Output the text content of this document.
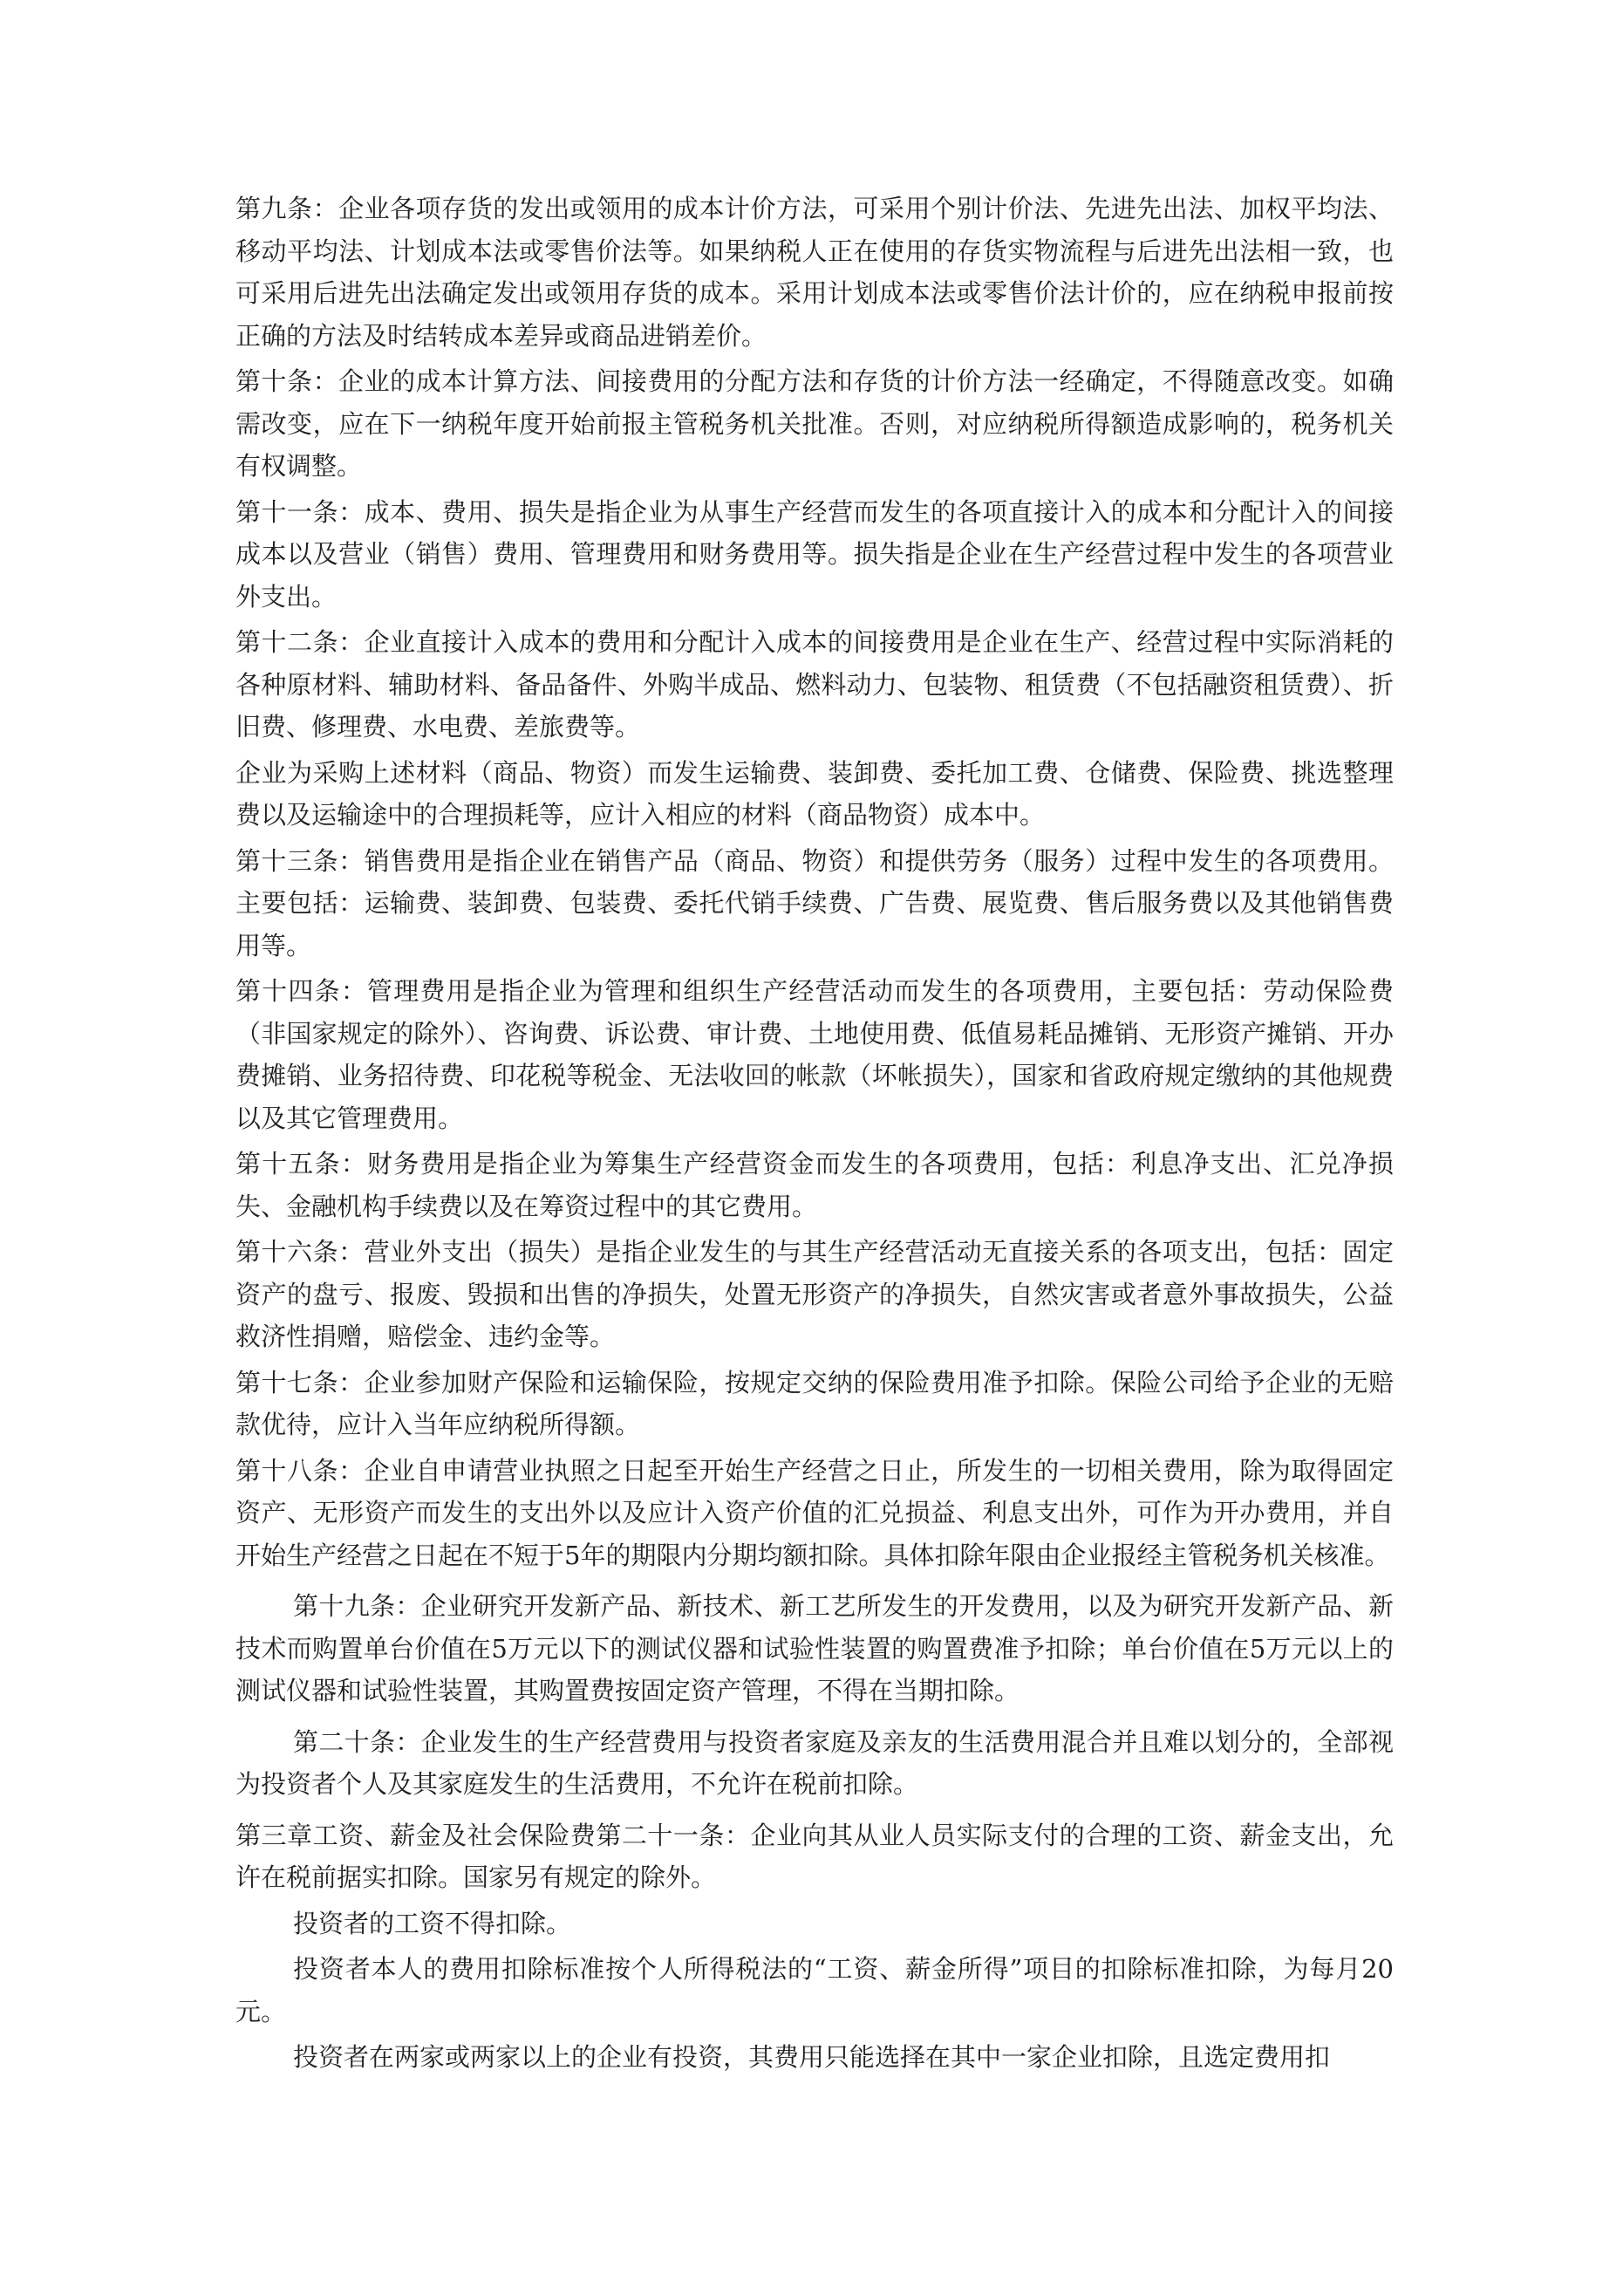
第九条：企业各项存货的发出或领用的成本计价方法，可采用个别计价法、先进先出法、加权平均法、移动平均法、计划成本法或零售价法等。如果纳税人正在使用的存货实物流程与后进先出法相一致，也可采用后进先出法确定发出或领用存货的成本。采用计划成本法或零售价法计价的，应在纳税申报前按正确的方法及时结转成本差异或商品进销差价。

第十条：企业的成本计算方法、间接费用的分配方法和存货的计价方法一经确定，不得随意改变。如确需改变，应在下一纳税年度开始前报主管税务机关批准。否则，对应纳税所得额造成影响的，税务机关有权调整。

第十一条：成本、费用、损失是指企业为从事生产经营而发生的各项直接计入的成本和分配计入的间接成本以及营业（销售）费用、管理费用和财务费用等。损失指是企业在生产经营过程中发生的各项营业外支出。

第十二条：企业直接计入成本的费用和分配计入成本的间接费用是企业在生产、经营过程中实际消耗的各种原材料、辅助材料、备品备件、外购半成品、燃料动力、包装物、租赁费（不包括融资租赁费）、折旧费、修理费、水电费、差旅费等。

企业为采购上述材料（商品、物资）而发生运输费、装卸费、委托加工费、仓储费、保险费、挑选整理费以及运输途中的合理损耗等，应计入相应的材料（商品物资）成本中。

第十三条：销售费用是指企业在销售产品（商品、物资）和提供劳务（服务）过程中发生的各项费用。主要包括：运输费、装卸费、包装费、委托代销手续费、广告费、展览费、售后服务费以及其他销售费用等。

第十四条：管理费用是指企业为管理和组织生产经营活动而发生的各项费用，主要包括：劳动保险费（非国家规定的除外）、咨询费、诉讼费、审计费、土地使用费、低值易耗品摊销、无形资产摊销、开办费摊销、业务招待费、印花税等税金、无法收回的帐款（坏帐损失），国家和省政府规定缴纳的其他规费以及其它管理费用。

第十五条：财务费用是指企业为筹集生产经营资金而发生的各项费用，包括：利息净支出、汇兑净损失、金融机构手续费以及在筹资过程中的其它费用。

第十六条：营业外支出（损失）是指企业发生的与其生产经营活动无直接关系的各项支出，包括：固定资产的盘亏、报废、毁损和出售的净损失，处置无形资产的净损失，自然灾害或者意外事故损失，公益救济性捐赠，赔偿金、违约金等。

第十七条：企业参加财产保险和运输保险，按规定交纳的保险费用准予扣除。保险公司给予企业的无赔款优待，应计入当年应纳税所得额。

第十八条：企业自申请营业执照之日起至开始生产经营之日止，所发生的一切相关费用，除为取得固定资产、无形资产而发生的支出外以及应计入资产价值的汇兑损益、利息支出外，可作为开办费用，并自开始生产经营之日起在不短于5年的期限内分期均额扣除。具体扣除年限由企业报经主管税务机关核准。

第十九条：企业研究开发新产品、新技术、新工艺所发生的开发费用，以及为研究开发新产品、新技术而购置单台价值在5万元以下的测试仪器和试验性装置的购置费准予扣除；单台价值在5万元以上的测试仪器和试验性装置，其购置费按固定资产管理，不得在当期扣除。

第二十条：企业发生的生产经营费用与投资者家庭及亲友的生活费用混合并且难以划分的，全部视为投资者个人及其家庭发生的生活费用，不允许在税前扣除。

第三章工资、薪金及社会保险费第二十一条：企业向其从业人员实际支付的合理的工资、薪金支出，允许在税前据实扣除。国家另有规定的除外。

投资者的工资不得扣除。

投资者本人的费用扣除标准按个人所得税法的“工资、薪金所得”项目的扣除标准扣除，为每月20元。

投资者在两家或两家以上的企业有投资，其费用只能选择在其中一家企业扣除，且选定费用扣
